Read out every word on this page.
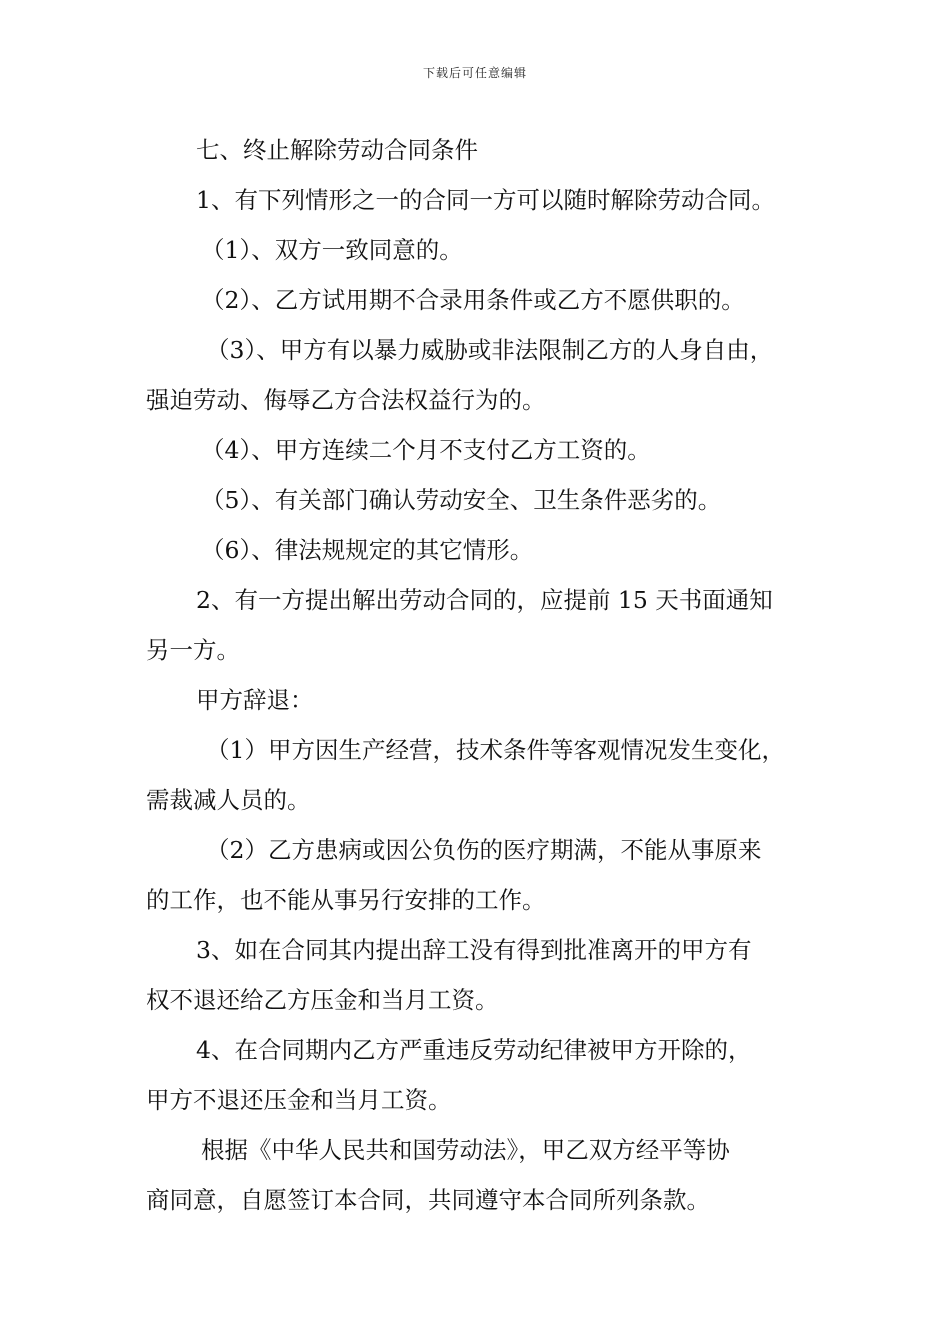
下载后可任意编辑
七、终止解除劳动合同条件
1、有下列情形之一的合同一方可以随时解除劳动合同。
（1）、双方一致同意的。
（2）、乙方试用期不合录用条件或乙方不愿供职的。
（3）、甲方有以暴力威胁或非法限制乙方的人身自由，
强迫劳动、侮辱乙方合法权益行为的。
（4）、甲方连续二个月不支付乙方工资的。
（5）、有关部门确认劳动安全、卫生条件恶劣的。
（6）、律法规规定的其它情形。
2、有一方提出解出劳动合同的，应提前 15 天书面通知
另一方。
甲方辞退：
（1）甲方因生产经营，技术条件等客观情况发生变化，
需裁减人员的。
（2）乙方患病或因公负伤的医疗期满，不能从事原来
的工作，也不能从事另行安排的工作。
3、如在合同其内提出辞工没有得到批准离开的甲方有
权不退还给乙方压金和当月工资。
4、在合同期内乙方严重违反劳动纪律被甲方开除的，
甲方不退还压金和当月工资。
根据《中华人民共和国劳动法》，甲乙双方经平等协
商同意，自愿签订本合同，共同遵守本合同所列条款。
